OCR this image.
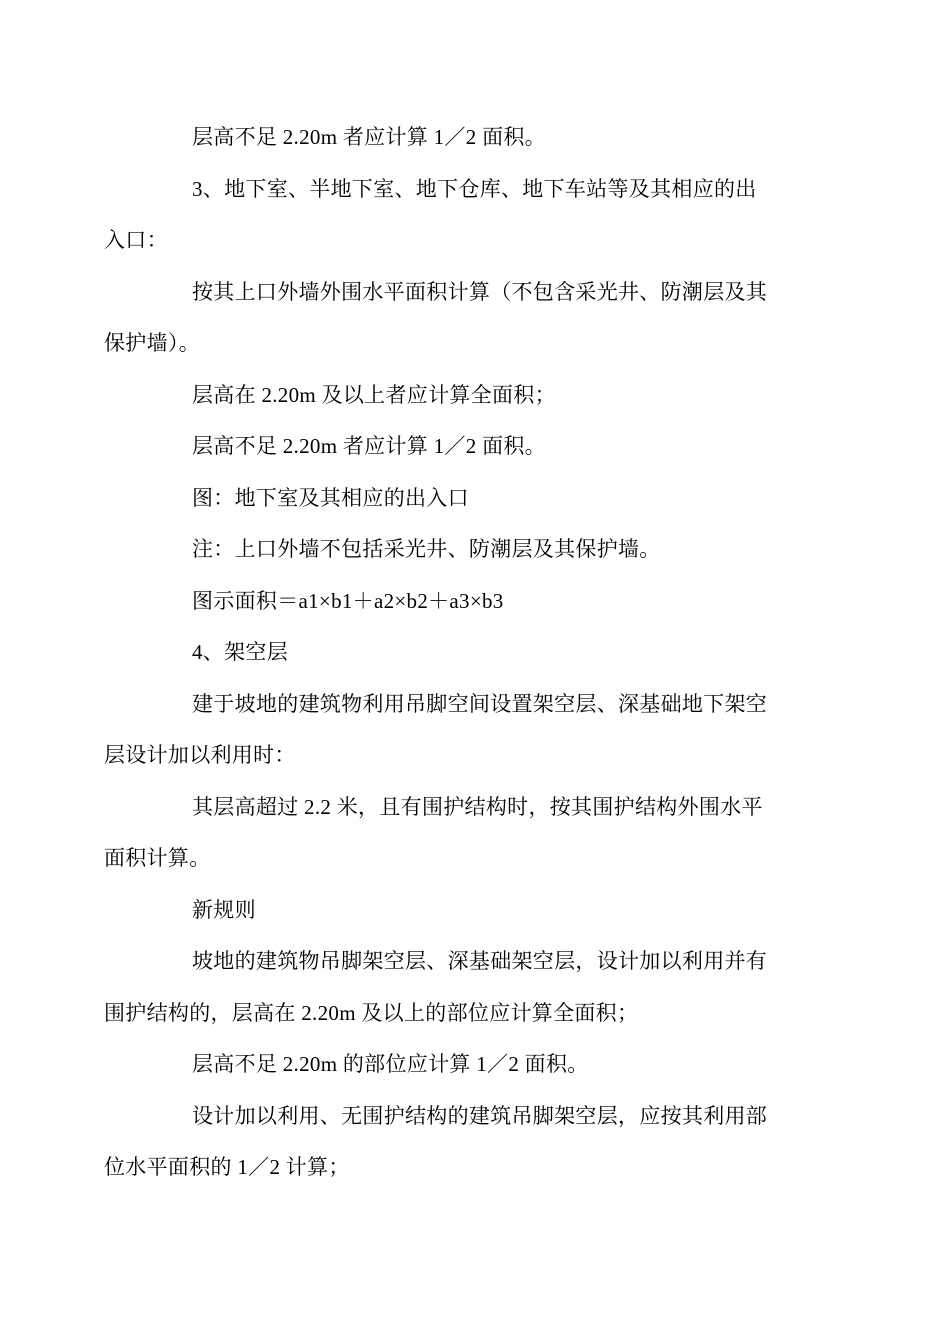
层高不足 2.20m 者应计算 1／2 面积。

3、地下室、半地下室、地下仓库、地下车站等及其相应的出
入口：

按其上口外墙外围水平面积计算（不包含采光井、防潮层及其
保护墙）。

层高在 2.20m 及以上者应计算全面积；

层高不足 2.20m 者应计算 1／2 面积。

图：地下室及其相应的出入口

注：上口外墙不包括采光井、防潮层及其保护墙。

图示面积＝a1×b1＋a2×b2＋a3×b3

4、架空层

建于坡地的建筑物利用吊脚空间设置架空层、深基础地下架空
层设计加以利用时：

其层高超过 2.2 米，且有围护结构时，按其围护结构外围水平
面积计算。

新规则

坡地的建筑物吊脚架空层、深基础架空层，设计加以利用并有
围护结构的，层高在 2.20m 及以上的部位应计算全面积；

层高不足 2.20m 的部位应计算 1／2 面积。

设计加以利用、无围护结构的建筑吊脚架空层，应按其利用部
位水平面积的 1／2 计算；
